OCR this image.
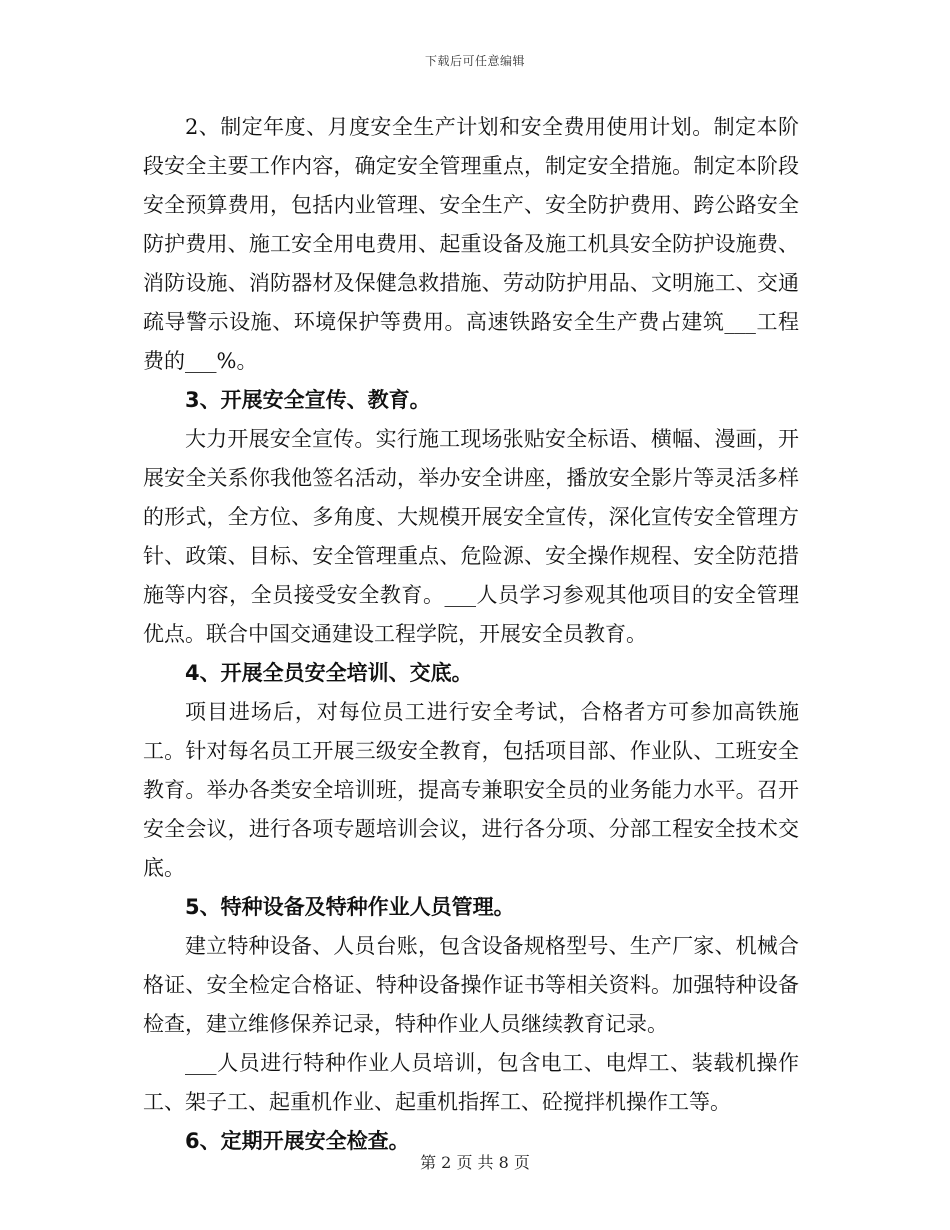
下载后可任意编辑

2、制定年度、月度安全生产计划和安全费用使用计划。制定本阶段安全主要工作内容，确定安全管理重点，制定安全措施。制定本阶段安全预算费用，包括内业管理、安全生产、安全防护费用、跨公路安全防护费用、施工安全用电费用、起重设备及施工机具安全防护设施费、消防设施、消防器材及保健急救措施、劳动防护用品、文明施工、交通疏导警示设施、环境保护等费用。高速铁路安全生产费占建筑___工程费的___%。

3、开展安全宣传、教育。

大力开展安全宣传。实行施工现场张贴安全标语、横幅、漫画，开展安全关系你我他签名活动，举办安全讲座，播放安全影片等灵活多样的形式，全方位、多角度、大规模开展安全宣传，深化宣传安全管理方针、政策、目标、安全管理重点、危险源、安全操作规程、安全防范措施等内容，全员接受安全教育。___人员学习参观其他项目的安全管理优点。联合中国交通建设工程学院，开展安全员教育。

4、开展全员安全培训、交底。

项目进场后，对每位员工进行安全考试，合格者方可参加高铁施工。针对每名员工开展三级安全教育，包括项目部、作业队、工班安全教育。举办各类安全培训班，提高专兼职安全员的业务能力水平。召开安全会议，进行各项专题培训会议，进行各分项、分部工程安全技术交底。

5、特种设备及特种作业人员管理。

建立特种设备、人员台账，包含设备规格型号、生产厂家、机械合格证、安全检定合格证、特种设备操作证书等相关资料。加强特种设备检查，建立维修保养记录，特种作业人员继续教育记录。

___人员进行特种作业人员培训，包含电工、电焊工、装载机操作工、架子工、起重机作业、起重机指挥工、砼搅拌机操作工等。

6、定期开展安全检查。

第 2 页 共 8 页
